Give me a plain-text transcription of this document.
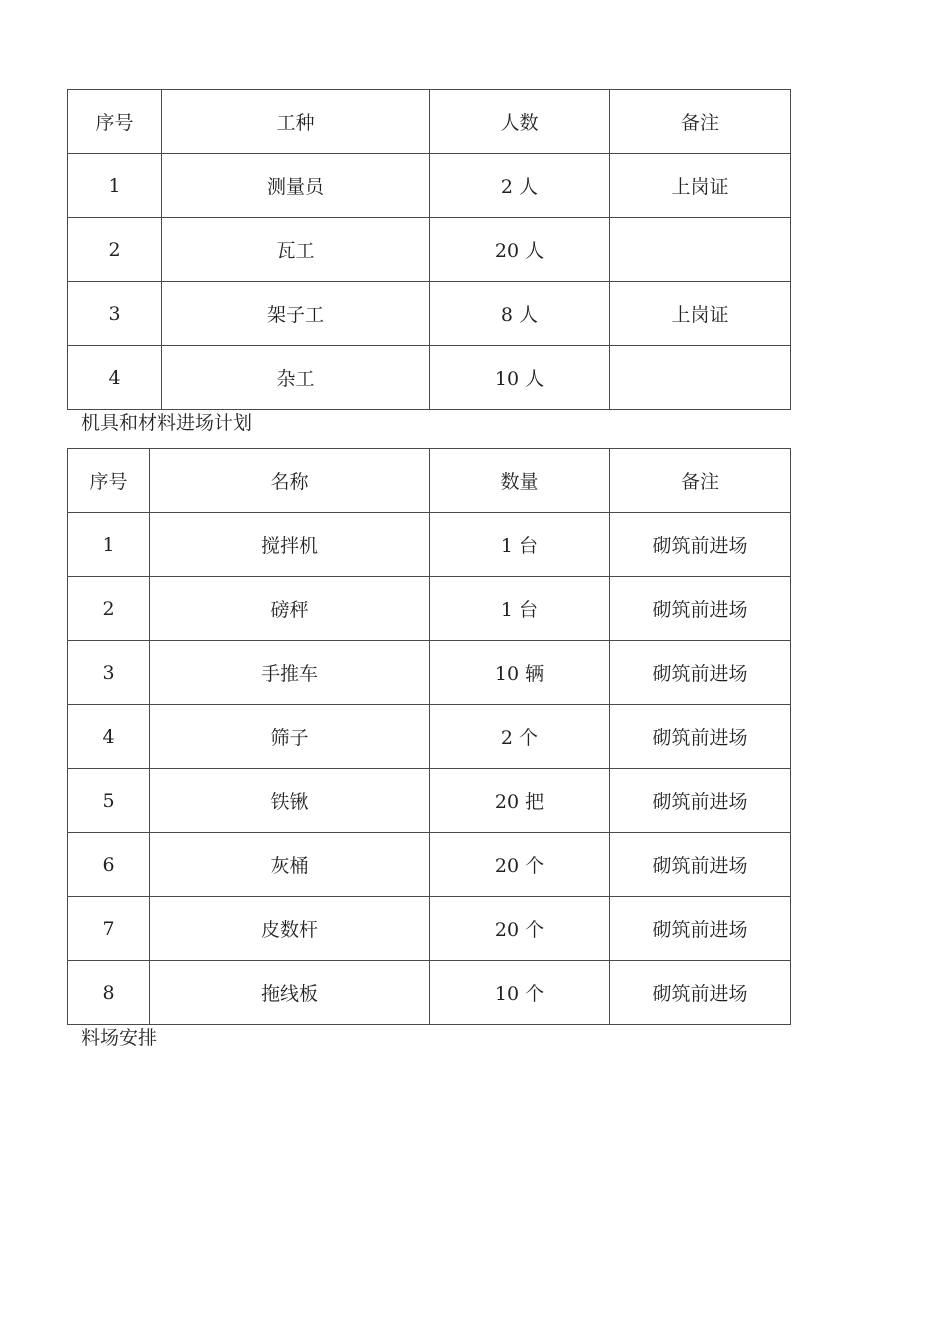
序号	工种	人数	备注
1	测量员	2 人	上岗证
2	瓦工	20 人	
3	架子工	8 人	上岗证
4	杂工	10 人	
机具和材料进场计划
序号	名称	数量	备注
1	搅拌机	1 台	砌筑前进场
2	磅秤	1 台	砌筑前进场
3	手推车	10 辆	砌筑前进场
4	筛子	2 个	砌筑前进场
5	铁锹	20 把	砌筑前进场
6	灰桶	20 个	砌筑前进场
7	皮数杆	20 个	砌筑前进场
8	拖线板	10 个	砌筑前进场
料场安排
